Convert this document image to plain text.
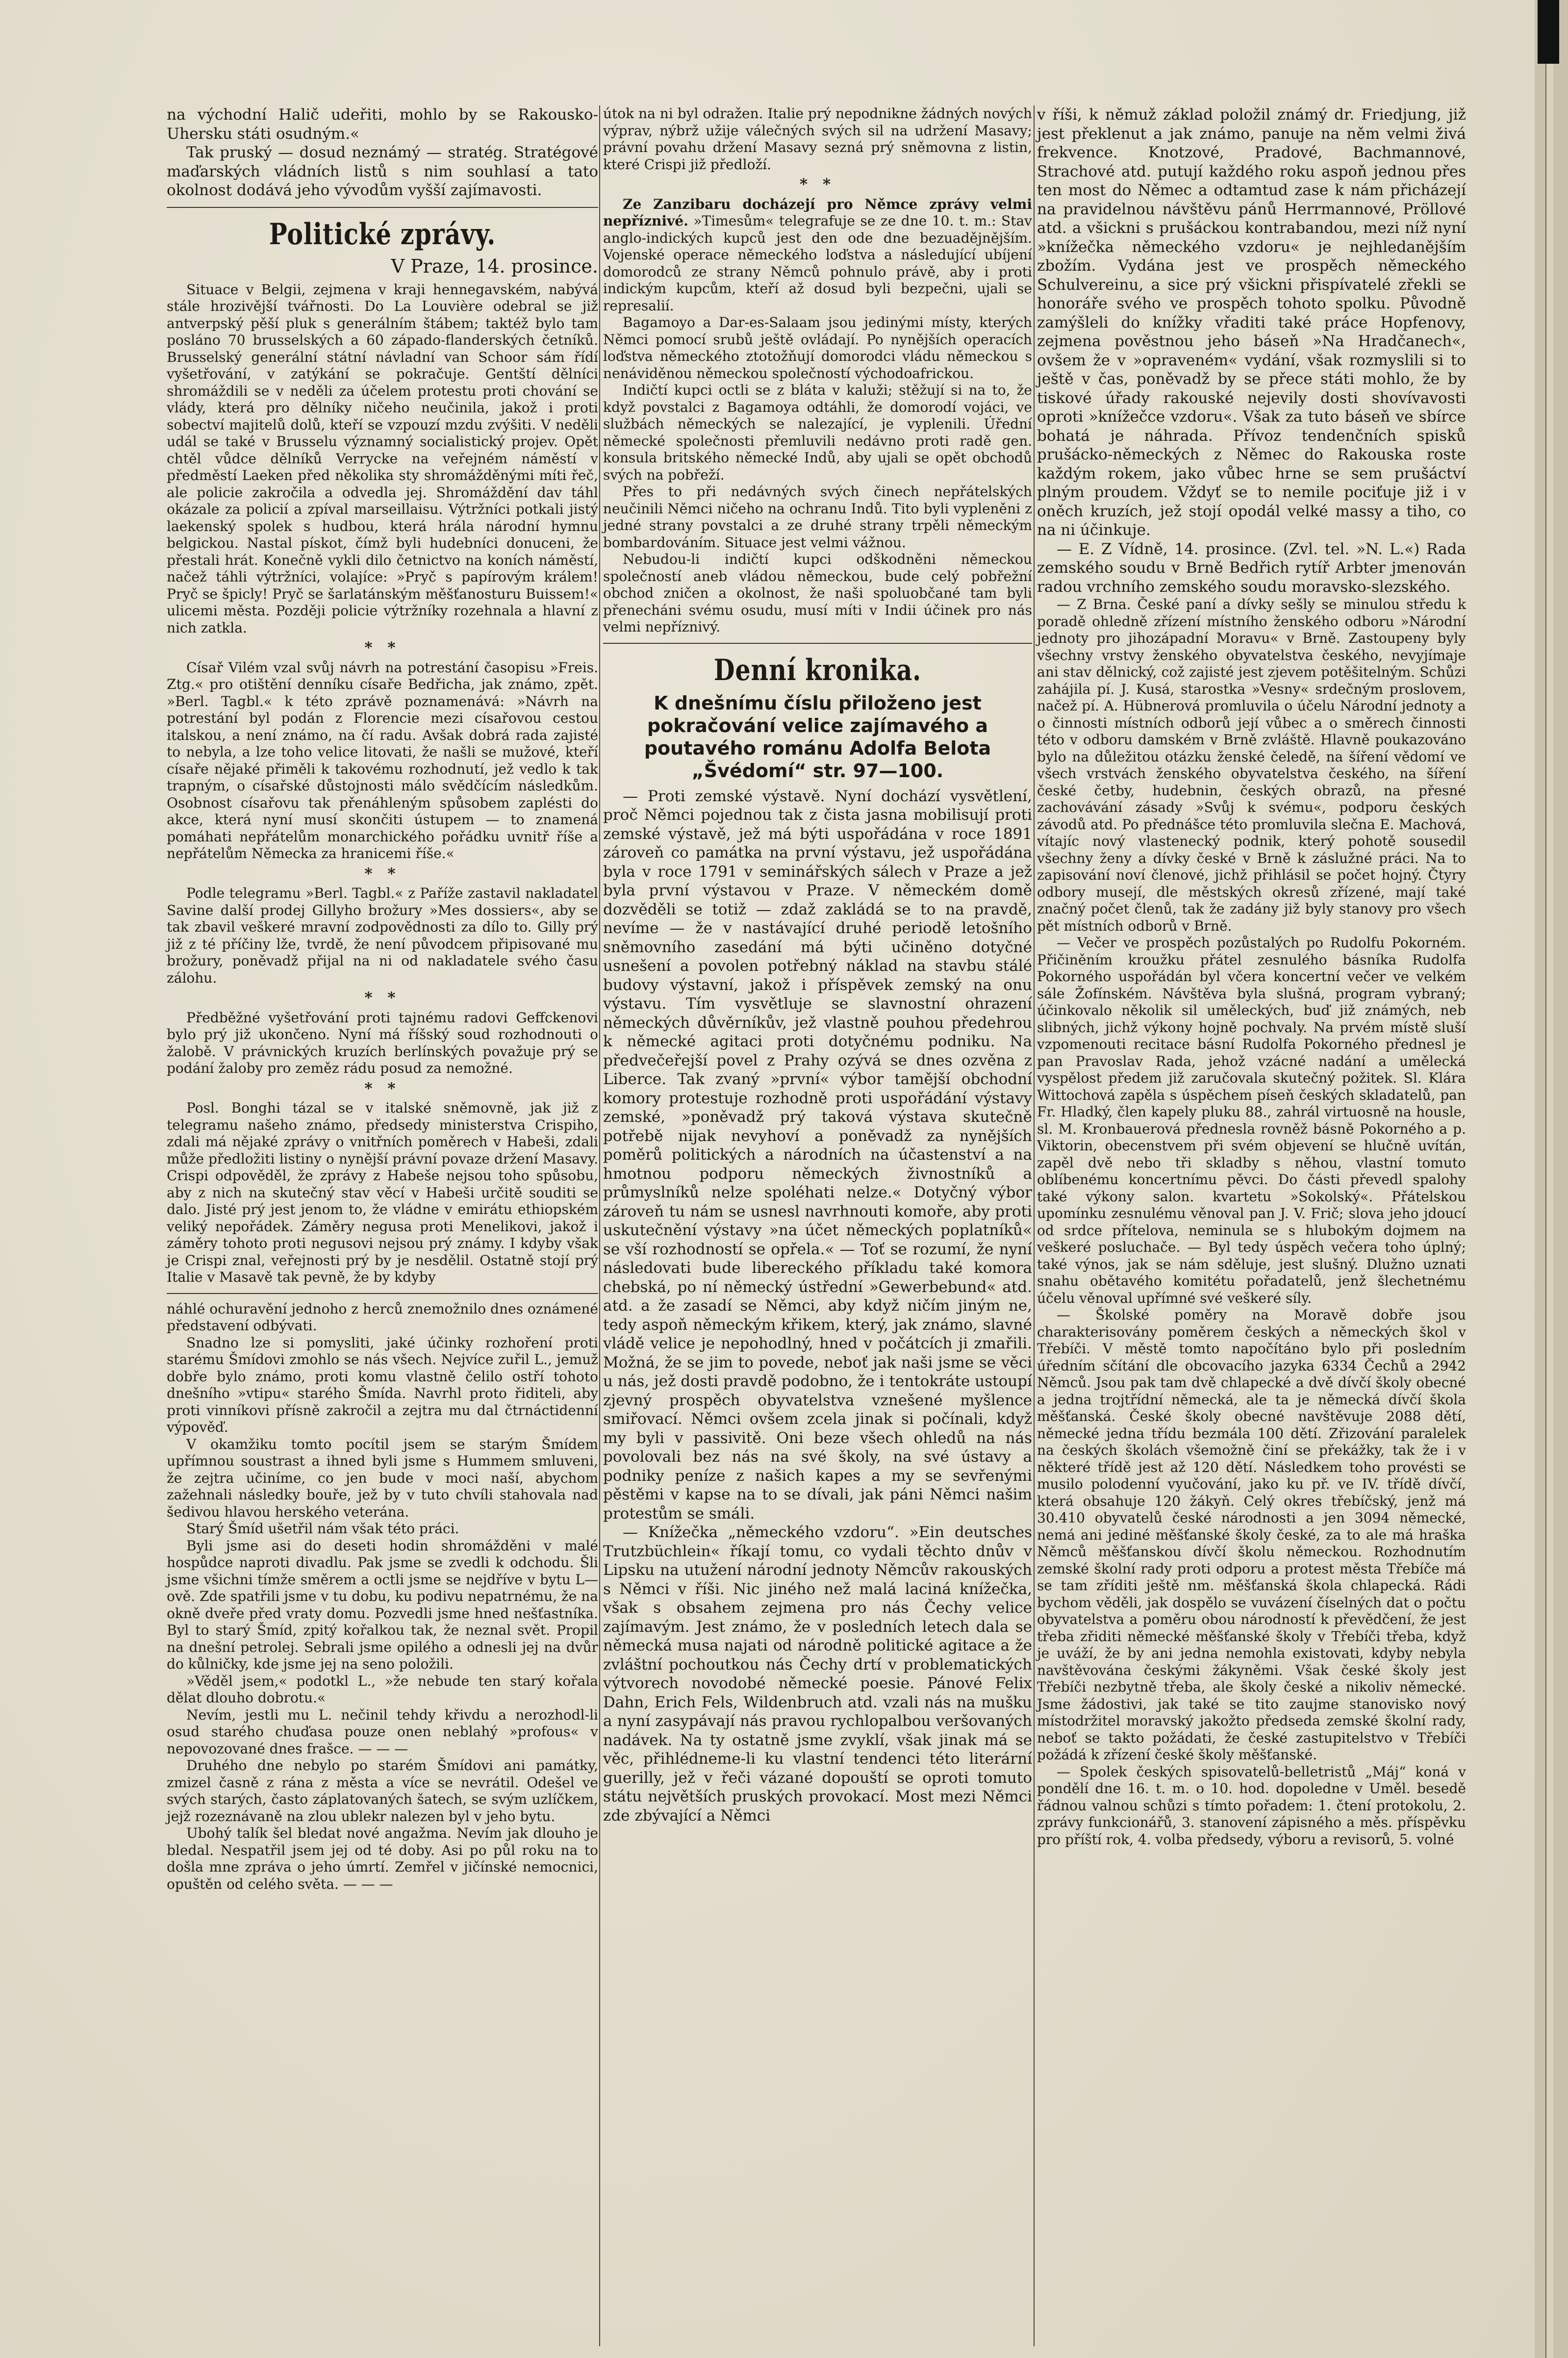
na východní Halič udeřiti, mohlo by se Rakousko-Uhersku státi osudným.«

Tak pruský — dosud neznámý — stratég. Stratégové maďarských vládních listů s nim souhlasí a tato okolnost dodává jeho vývodům vyšší zajímavosti.

Politické zprávy.
V Praze, 14. prosince.

Situace v Belgii, zejmena v kraji hennegavském, nabývá stále hrozivější tvářnosti. Do La Louvière odebral se již antverpský pěší pluk s generálním štábem; taktéž bylo tam posláno 70 brusselských a 60 západo-flanderských četníků. Brusselský generální státní návladní van Schoor sám řídí vyšetřování, v zatýkání se pokračuje. Gentští dělníci shromáždili se v neděli za účelem protestu proti chování se vlády, která pro dělníky ničeho neučinila, jakož i proti sobectví majitelů dolů, kteří se vzpouzí mzdu zvýšiti. V neděli udál se také v Brusselu významný socialistický projev. Opět chtěl vůdce dělníků Verrycke na veřejném náměstí v předměstí Laeken před několika sty shromážděnými míti řeč, ale policie zakročila a odvedla jej. Shromáždění dav táhl okázale za policií a zpíval marseillaisu. Výtržníci potkali jistý laekenský spolek s hudbou, která hrála národní hymnu belgickou. Nastal pískot, čímž byli hudebníci donuceni, že přestali hrát. Konečně vykli dilo četnictvo na koních náměstí, načež táhli výtržníci, volajíce: »Pryč s papírovým králem! Pryč se špicly! Pryč se šarlatánským měšťanosturu Buissem!« ulicemi města. Později policie výtržníky rozehnala a hlavní z nich zatkla.

* *

Císař Vilém vzal svůj návrh na potrestání časopisu »Freis. Ztg.« pro otištění denníku císaře Bedřicha, jak známo, zpět. »Berl. Tagbl.« k této zprávě poznamenává: »Návrh na potrestání byl podán z Florencie mezi císařovou cestou italskou, a není známo, na čí radu. Avšak dobrá rada zajisté to nebyla, a lze toho velice litovati, že našli se mužové, kteří císaře nějaké přiměli k takovému rozhodnutí, jež vedlo k tak trapným, o císařské důstojnosti málo svědčícím následkům. Osobnost císařovu tak přenáhleným spůsobem zaplésti do akce, která nyní musí skončiti ústupem — to znamená pomáhati nepřátelům monarchického pořádku uvnitř říše a nepřátelům Německa za hranicemi říše.«

* *

Podle telegramu »Berl. Tagbl.« z Paříže zastavil nakladatel Savine další prodej Gillyho brožury »Mes dossiers«, aby se tak zbavil veškeré mravní zodpovědnosti za dílo to. Gilly prý již z té příčiny lže, tvrdě, že není původcem připisované mu brožury, poněvadž přijal na ni od nakladatele svého času zálohu.

* *

Předběžné vyšetřování proti tajnému radovi Geffckenovi bylo prý již ukončeno. Nyní má říšský soud rozhodnouti o žalobě. V právnických kruzích berlínských považuje prý se podání žaloby pro zeměz rádu posud za nemožné.

* *

Posl. Bonghi tázal se v italské sněmovně, jak již z telegramu našeho známo, předsedy ministerstva Crispiho, zdali má nějaké zprávy o vnitřních poměrech v Habeši, zdali může předložiti listiny o nynější právní povaze držení Masavy. Crispi odpověděl, že zprávy z Habeše nejsou toho spůsobu, aby z nich na skutečný stav věcí v Habeši určitě souditi se dalo. Jisté prý jest jenom to, že vládne v emirátu ethiopském veliký nepořádek. Záměry negusa proti Menelikovi, jakož i záměry tohoto proti negusovi nejsou prý známy. I kdyby však je Crispi znal, veřejnosti prý by je nesdělil. Ostatně stojí prý Italie v Masavě tak pevně, že by kdyby

náhlé ochuravění jednoho z herců znemožnilo dnes oznámené představení odbývati.

Snadno lze si pomysliti, jaké účinky rozhoření proti starému Šmídovi zmohlo se nás všech. Nejvíce zuřil L., jemuž dobře bylo známo, proti komu vlastně čelilo ostří tohoto dnešního »vtipu« starého Šmída. Navrhl proto řiditeli, aby proti vinníkovi přísně zakročil a zejtra mu dal čtrnáctidenní výpověď.

V okamžiku tomto pocítil jsem se starým Šmídem upřímnou soustrast a ihned byli jsme s Hummem smluveni, že zejtra učiníme, co jen bude v moci naší, abychom zažehnali následky bouře, jež by v tuto chvíli stahovala nad šedivou hlavou herského veterána.

Starý Šmíd ušetřil nám však této práci.

Byli jsme asi do deseti hodin shromážděni v malé hospůdce naproti divadlu. Pak jsme se zvedli k odchodu. Šli jsme všichni tímže směrem a octli jsme se nejdříve v bytu L—ově. Zde spatřili jsme v tu dobu, ku podivu nepatrnému, že na okně dveře před vraty domu. Pozvedli jsme hned nešťastníka. Byl to starý Šmíd, zpitý kořalkou tak, že neznal svět. Propil na dnešní petrolej. Sebrali jsme opilého a odnesli jej na dvůr do kůlničky, kde jsme jej na seno položili.

»Věděl jsem,« podotkl L., »že nebude ten starý kořala dělat dlouho dobrotu.«

Nevím, jestli mu L. nečinil tehdy křivdu a nerozhodl-li osud starého chuďasa pouze onen neblahý »profous« v nepovozované dnes frašce. — — —

Druhého dne nebylo po starém Šmídovi ani památky, zmizel časně z rána z města a více se nevrátil. Odešel ve svých starých, často záplatovaných šatech, se svým uzlíčkem, jejž rozeznávaně na zlou ublekr nalezen byl v jeho bytu.

Ubohý talík šel bledat nové angažma. Nevím jak dlouho je bledal. Nespatřil jsem jej od té doby. Asi po půl roku na to došla mne zpráva o jeho úmrtí. Zemřel v jičínské nemocnici, opuštěn od celého světa. — — —

útok na ni byl odražen. Italie prý nepodnikne žádných nových výprav, nýbrž užije válečných svých sil na udržení Masavy; právní povahu držení Masavy sezná prý sněmovna z listin, které Crispi již předloží.

* *

Ze Zanzibaru docházejí pro Němce zprávy velmi nepříznivé. »Timesům« telegrafuje se ze dne 10. t. m.: Stav anglo-indických kupců jest den ode dne bezuadějnějším. Vojenské operace německého loďstva a následující ubíjení domorodců ze strany Němců pohnulo právě, aby i proti indickým kupcům, kteří až dosud byli bezpečni, ujali se represalií.

Bagamoyo a Dar-es-Salaam jsou jedinými místy, kterých Němci pomocí srubů ještě ovládají. Po nynějších operacích loďstva německého ztotožňují domorodci vládu německou s nenáviděnou německou společností východoafrickou.

Indičtí kupci octli se z bláta v kaluži; stěžují si na to, že když povstalci z Bagamoya odtáhli, že domorodí vojáci, ve službách německých se nalezající, je vyplenili. Úřední německé společnosti přemluvili nedávno proti radě gen. konsula britského německé Indů, aby ujali se opět obchodů svých na pobřeží.

Přes to při nedávných svých činech nepřátelských neučinili Němci ničeho na ochranu Indů. Tito byli vypleněni z jedné strany povstalci a ze druhé strany trpěli německým bombardováním. Situace jest velmi vážnou.

Nebudou-li indičtí kupci odškodněni německou společností aneb vládou německou, bude celý pobřežní obchod zničen a okolnost, že naši spoluobčané tam byli přenecháni svému osudu, musí míti v Indii účinek pro nás velmi nepříznivý.

Denní kronika.
K dnešnímu číslu přiloženo jest pokračování velice zajímavého a poutavého románu Adolfa Belota „Švédomí“ str. 97—100.

— Proti zemské výstavě. Nyní dochází vysvětlení, proč Němci pojednou tak z čista jasna mobilisují proti zemské výstavě, jež má býti uspořádána v roce 1891 zároveň co památka na první výstavu, jež uspořádána byla v roce 1791 v seminářských sálech v Praze a jež byla první výstavou v Praze. V německém domě dozvěděli se totiž — zdaž zakládá se to na pravdě, nevíme — že v nastávající druhé periodě letošního sněmovního zasedání má býti učiněno dotyčné usnešení a povolen potřebný náklad na stavbu stálé budovy výstavní, jakož i příspěvek zemský na onu výstavu. Tím vysvětluje se slavnostní ohrazení německých důvěrníkův, jež vlastně pouhou předehrou k německé agitaci proti dotyčnému podniku. Na předvečeřejší povel z Prahy ozývá se dnes ozvěna z Liberce. Tak zvaný »první« výbor tamější obchodní komory protestuje rozhodně proti uspořádání výstavy zemské, »poněvadž prý taková výstava skutečně potřebě nijak nevyhoví a poněvadž za nynějších poměrů politických a národních na účastenství a na hmotnou podporu německých živnostníků a průmyslníků nelze spoléhati nelze.« Dotyčný výbor zároveň tu nám se usnesl navrhnouti komoře, aby proti uskutečnění výstavy »na účet německých poplatníků« se vší rozhodností se opřela.« — Toť se rozumí, že nyní následovati bude libereckého příkladu také komora chebská, po ní německý ústřední »Gewerbebund« atd. atd. a že zasadí se Němci, aby když ničím jiným ne, tedy aspoň německým křikem, který, jak známo, slavné vládě velice je nepohodlný, hned v počátcích ji zmařili. Možná, že se jim to povede, neboť jak naši jsme se věci u nás, jež dosti pravdě podobno, že i tentokráte ustoupí zjevný prospěch obyvatelstva vznešené myšlence smiřovací. Němci ovšem zcela jinak si počínali, když my byli v passivitě. Oni beze všech ohledů na nás povolovali bez nás na své školy, na své ústavy a podniky peníze z našich kapes a my se sevřenými pěstěmi v kapse na to se dívali, jak páni Němci našim protestům se smáli.

— Knížečka „německého vzdoru“. »Ein deutsches Trutzbüchlein« říkají tomu, co vydali těchto dnův v Lipsku na utužení národní jednoty Němcův rakouských s Němci v říši. Nic jiného než malá laciná knížečka, však s obsahem zejmena pro nás Čechy velice zajímavým. Jest známo, že v posledních letech dala se německá musa najati od národně politické agitace a že zvláštní pochoutkou nás Čechy drtí v problematických výtvorech novodobé německé poesie. Pánové Felix Dahn, Erich Fels, Wildenbruch atd. vzali nás na mušku a nyní zasypávají nás pravou rychlopalbou veršovaných nadávek. Na ty ostatně jsme zvyklí, však jinak má se věc, přihlédneme-li ku vlastní tendenci této literární guerilly, jež v řeči vázané dopouští se oproti tomuto státu největších pruských provokací. Most mezi Němci zde zbývající a Němci

v říši, k němuž základ položil známý dr. Friedjung, již jest překlenut a jak známo, panuje na něm velmi živá frekvence. Knotzové, Pradové, Bachmannové, Strachové atd. putují každého roku aspoň jednou přes ten most do Němec a odtamtud zase k nám přicházejí na pravidelnou návštěvu pánů Herrmannové, Pröllové atd. a všickni s prušáckou kontrabandou, mezi níž nyní »knížečka německého vzdoru« je nejhledanějším zbožím. Vydána jest ve prospěch německého Schulvereinu, a sice prý všickni přispívatelé zřekli se honoráře svého ve prospěch tohoto spolku. Původně zamýšleli do knížky vřaditi také práce Hopfenovy, zejmena pověstnou jeho báseň »Na Hradčanech«, ovšem že v »opraveném« vydání, však rozmyslili si to ještě v čas, poněvadž by se přece státi mohlo, že by tiskové úřady rakouské nejevily dosti shovívavosti oproti »knížečce vzdoru«. Však za tuto báseň ve sbírce bohatá je náhrada. Přívoz tendenčních spisků prušácko-německých z Němec do Rakouska roste každým rokem, jako vůbec hrne se sem prušáctví plným proudem. Vždyť se to nemile pociťuje již i v oněch kruzích, jež stojí opodál velké massy a tiho, co na ni účinkuje.

— E. Z Vídně, 14. prosince. (Zvl. tel. »N. L.«) Rada zemského soudu v Brně Bedřich rytíř Arbter jmenován radou vrchního zemského soudu moravsko-slezského.

— Z Brna. České paní a dívky sešly se minulou středu k poradě ohledně zřízení místního ženského odboru »Národní jednoty pro jihozápadní Moravu« v Brně. Zastoupeny byly všechny vrstvy ženského obyvatelstva českého, nevyjímaje ani stav dělnický, což zajisté jest zjevem potěšitelným. Schůzi zahájila pí. J. Kusá, starostka »Vesny« srdečným proslovem, načež pí. A. Hübnerová promluvila o účelu Národní jednoty a o činnosti místních odborů její vůbec a o směrech činnosti této v odboru damském v Brně zvláště. Hlavně poukazováno bylo na důležitou otázku ženské čeledě, na šíření vědomí ve všech vrstvách ženského obyvatelstva českého, na šíření české četby, hudebnin, českých obrazů, na přesné zachovávání zásady »Svůj k svému«, podporu českých závodů atd. Po přednášce této promluvila slečna E. Machová, vítajíc nový vlastenecký podnik, který pohotě sousedil všechny ženy a dívky české v Brně k záslužné práci. Na to zapisování noví členové, jichž přihlásil se počet hojný. Čtyry odbory musejí, dle městských okresů zřízené, mají také značný počet členů, tak že zadány již byly stanovy pro všech pět místních odborů v Brně.

— Večer ve prospěch pozůstalých po Rudolfu Pokorném. Přičiněním kroužku přátel zesnulého básníka Rudolfa Pokorného uspořádán byl včera koncertní večer ve velkém sále Žofínském. Návštěva byla slušná, program vybraný; účinkovalo několik sil uměleckých, buď již známých, neb slibných, jichž výkony hojně pochvaly. Na prvém místě sluší vzpomenouti recitace básní Rudolfa Pokorného přednesl je pan Pravoslav Rada, jehož vzácné nadání a umělecká vyspělost předem již zaručovala skutečný požitek. Sl. Klára Wittochová zapěla s úspěchem píseň českých skladatelů, pan Fr. Hladký, člen kapely pluku 88., zahrál virtuosně na housle, sl. M. Kronbauerová přednesla rovněž básně Pokorného a p. Viktorin, obecenstvem při svém objevení se hlučně uvítán, zapěl dvě nebo tři skladby s něhou, vlastní tomuto oblíbenému koncertnímu pěvci. Do části převedl spalohy také výkony salon. kvartetu »Sokolský«. Přátelskou upomínku zesnulému věnoval pan J. V. Frič; slova jeho jdoucí od srdce přítelova, neminula se s hlubokým dojmem na veškeré posluchače. — Byl tedy úspěch večera toho úplný; také výnos, jak se nám sděluje, jest slušný. Dlužno uznati snahu obětavého komitétu pořadatelů, jenž šlechetnému účelu věnoval upřímné své veškeré síly.

— Školské poměry na Moravě dobře jsou charakterisovány poměrem českých a německých škol v Třebíči. V městě tomto napočítáno bylo při posledním úředním sčítání dle obcovacího jazyka 6334 Čechů a 2942 Němců. Jsou pak tam dvě chlapecké a dvě dívčí školy obecné a jedna trojtřídní německá, ale ta je německá dívčí škola měšťanská. České školy obecné navštěvuje 2088 dětí, německé jedna třídu bezmála 100 dětí. Zřizování paralelek na českých školách všemožně činí se překážky, tak že i v některé třídě jest až 120 dětí. Následkem toho provésti se musilo polodenní vyučování, jako ku př. ve IV. třídě dívčí, která obsahuje 120 žákyň. Celý okres třebíčský, jenž má 30.410 obyvatelů české národnosti a jen 3094 německé, nemá ani jediné měšťanské školy české, za to ale má hraška Němců měšťanskou dívčí školu německou. Rozhodnutím zemské školní rady proti odporu a protest města Třebíče má se tam zříditi ještě nm. měšťanská škola chlapecká. Rádi bychom věděli, jak dospělo se vuvázení číselných dat o počtu obyvatelstva a poměru obou národností k převědčení, že jest třeba zřiditi německé měšťanské školy v Třebíči třeba, když je uváží, že by ani jedna nemohla existovati, kdyby nebyla navštěvována českými žákyněmi. Však české školy jest Třebíči nezbytně třeba, ale školy české a nikoliv německé. Jsme žádostivi, jak také se tito zaujme stanovisko nový místodržitel moravský jakožto předseda zemské školní rady, neboť se takto požádati, že české zastupitelstvo v Třebíči požádá k zřízení české školy měšťanské.

— Spolek českých spisovatelů-belletristů „Máj“ koná v pondělí dne 16. t. m. o 10. hod. dopoledne v Uměl. besedě řádnou valnou schůzi s tímto pořadem: 1. čtení protokolu, 2. zprávy funkcionářů, 3. stanovení zápisného a měs. příspěvku pro příští rok, 4. volba předsedy, výboru a revisorů, 5. volné
